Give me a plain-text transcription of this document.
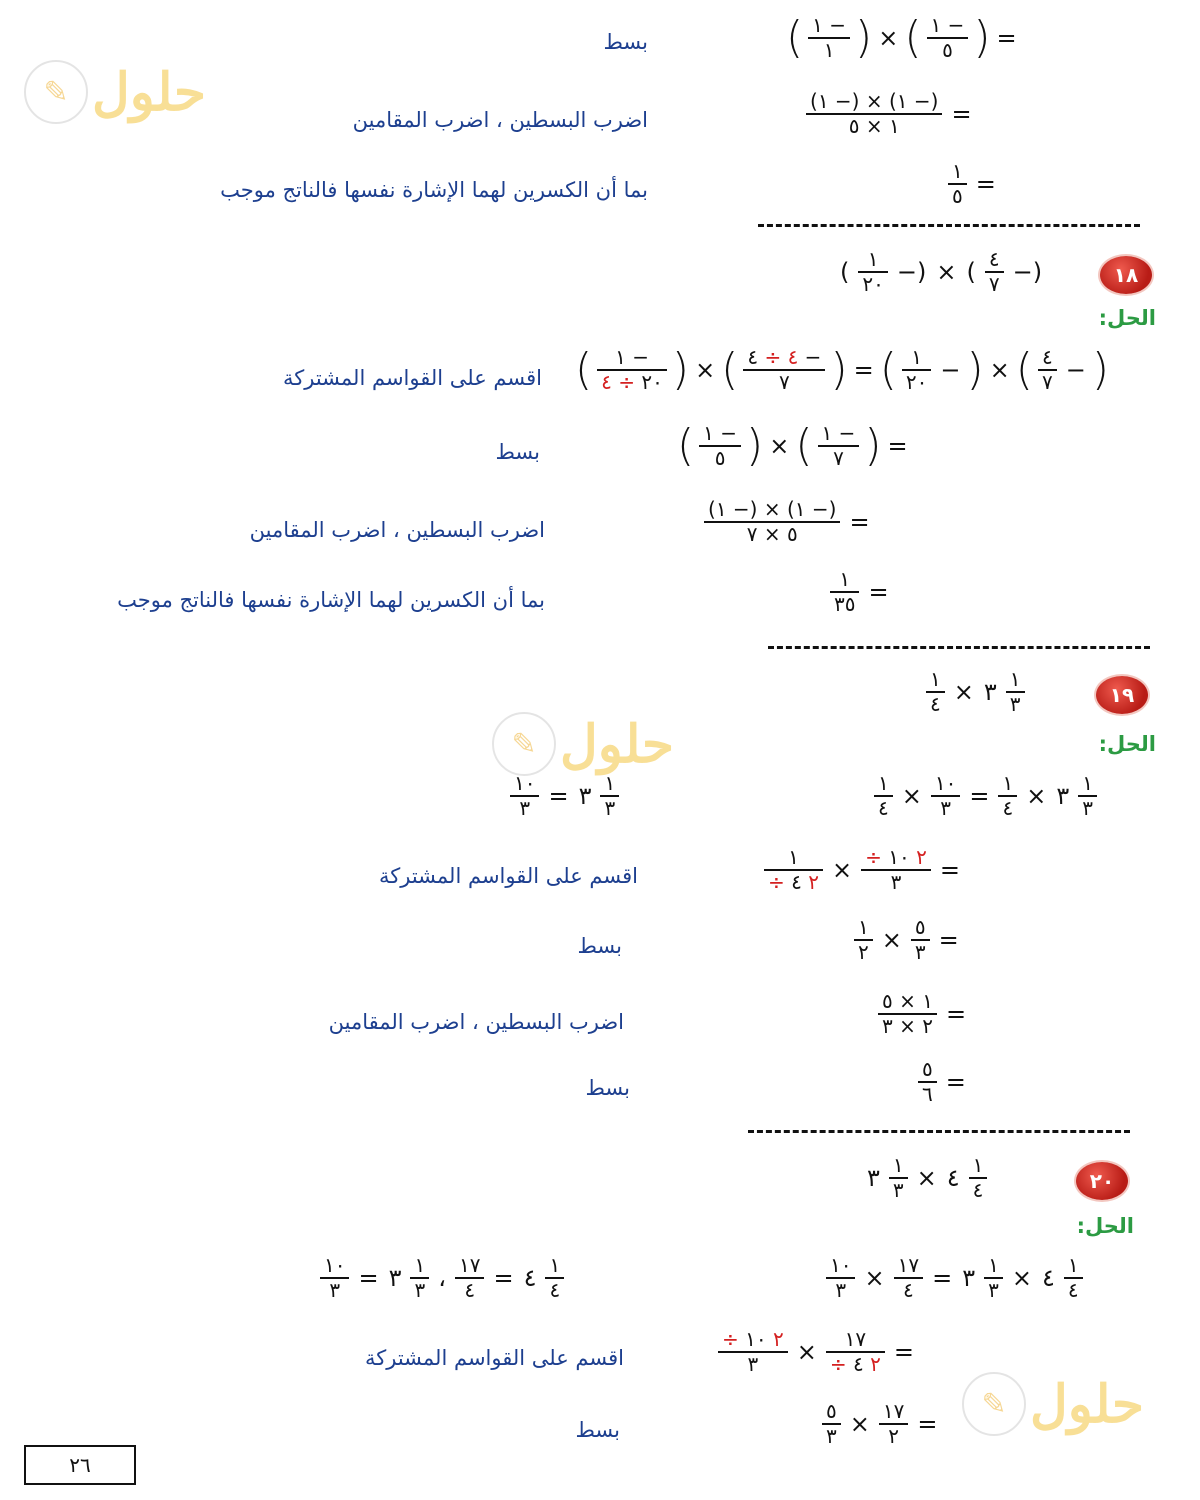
✎ حلول
✎ حلول
✎ حلول
بسط
اضرب البسطين ، اضرب المقامين
بما أن الكسرين لهما الإشارة نفسها فالناتج موجب
( $\frac{١ -}{١}$ ) × ( $\frac{١ -}{٥}$ ) =
$\frac{(١ -) \times (١ -)}{١ \times ٥}$ =
$\frac{١}{٥}$ =
١٨
( $\frac{١}{٢٠}$ −) × ( $\frac{٤}{٧}$ −)
الحل:
اقسم على القواسم المشتركة
بسط
اضرب البسطين ، اضرب المقامين
بما أن الكسرين لهما الإشارة نفسها فالناتج موجب
( $\frac{١ -}{٢٠ \div ٤}$ ) × ( $\frac{٤ \div ٤ -}{٧}$ ) = ( $\frac{١}{٢٠}$ − ) × ( $\frac{٤}{٧}$ − )
( $\frac{١ -}{٥}$ ) × ( $\frac{١ -}{٧}$ ) =
$\frac{(١ -) \times (١ -)}{٥ \times ٧}$ =
$\frac{١}{٣٥}$ =
١٩
$\frac{١}{٤}$ × ٣ $\frac{١}{٣}$
الحل:
$\frac{١٠}{٣}$ = ٣ $\frac{١}{٣}$
اقسم على القواسم المشتركة
بسط
اضرب البسطين ، اضرب المقامين
بسط
$\frac{١}{٤} \times \frac{١٠}{٣} = \frac{١}{٤}$ × ٣ $\frac{١}{٣}$
$\frac{١}{\div ٢ ٤} \times \frac{\div ٢ ١٠}{٣}$ =
$\frac{١}{٢} \times \frac{٥}{٣}$ =
$\frac{١ \times ٥}{٢ \times ٣}$ =
$\frac{٥}{٦}$ =
٢٠
٣ $\frac{١}{٣}$ × ٤ $\frac{١}{٤}$
الحل:
$\frac{١٠}{٣}$ = ٣ $\frac{١}{٣}$ ، $\frac{١٧}{٤}$ = ٤ $\frac{١}{٤}$
اقسم على القواسم المشتركة
بسط
$\frac{١٠}{٣} \times \frac{١٧}{٤}$ = ٣ $\frac{١}{٣}$ × ٤ $\frac{١}{٤}$
$\frac{\div ٢ ١٠}{٣} \times \frac{١٧}{\div ٢ ٤}$ =
$\frac{٥}{٣} \times \frac{١٧}{٢}$ =
٢٦
